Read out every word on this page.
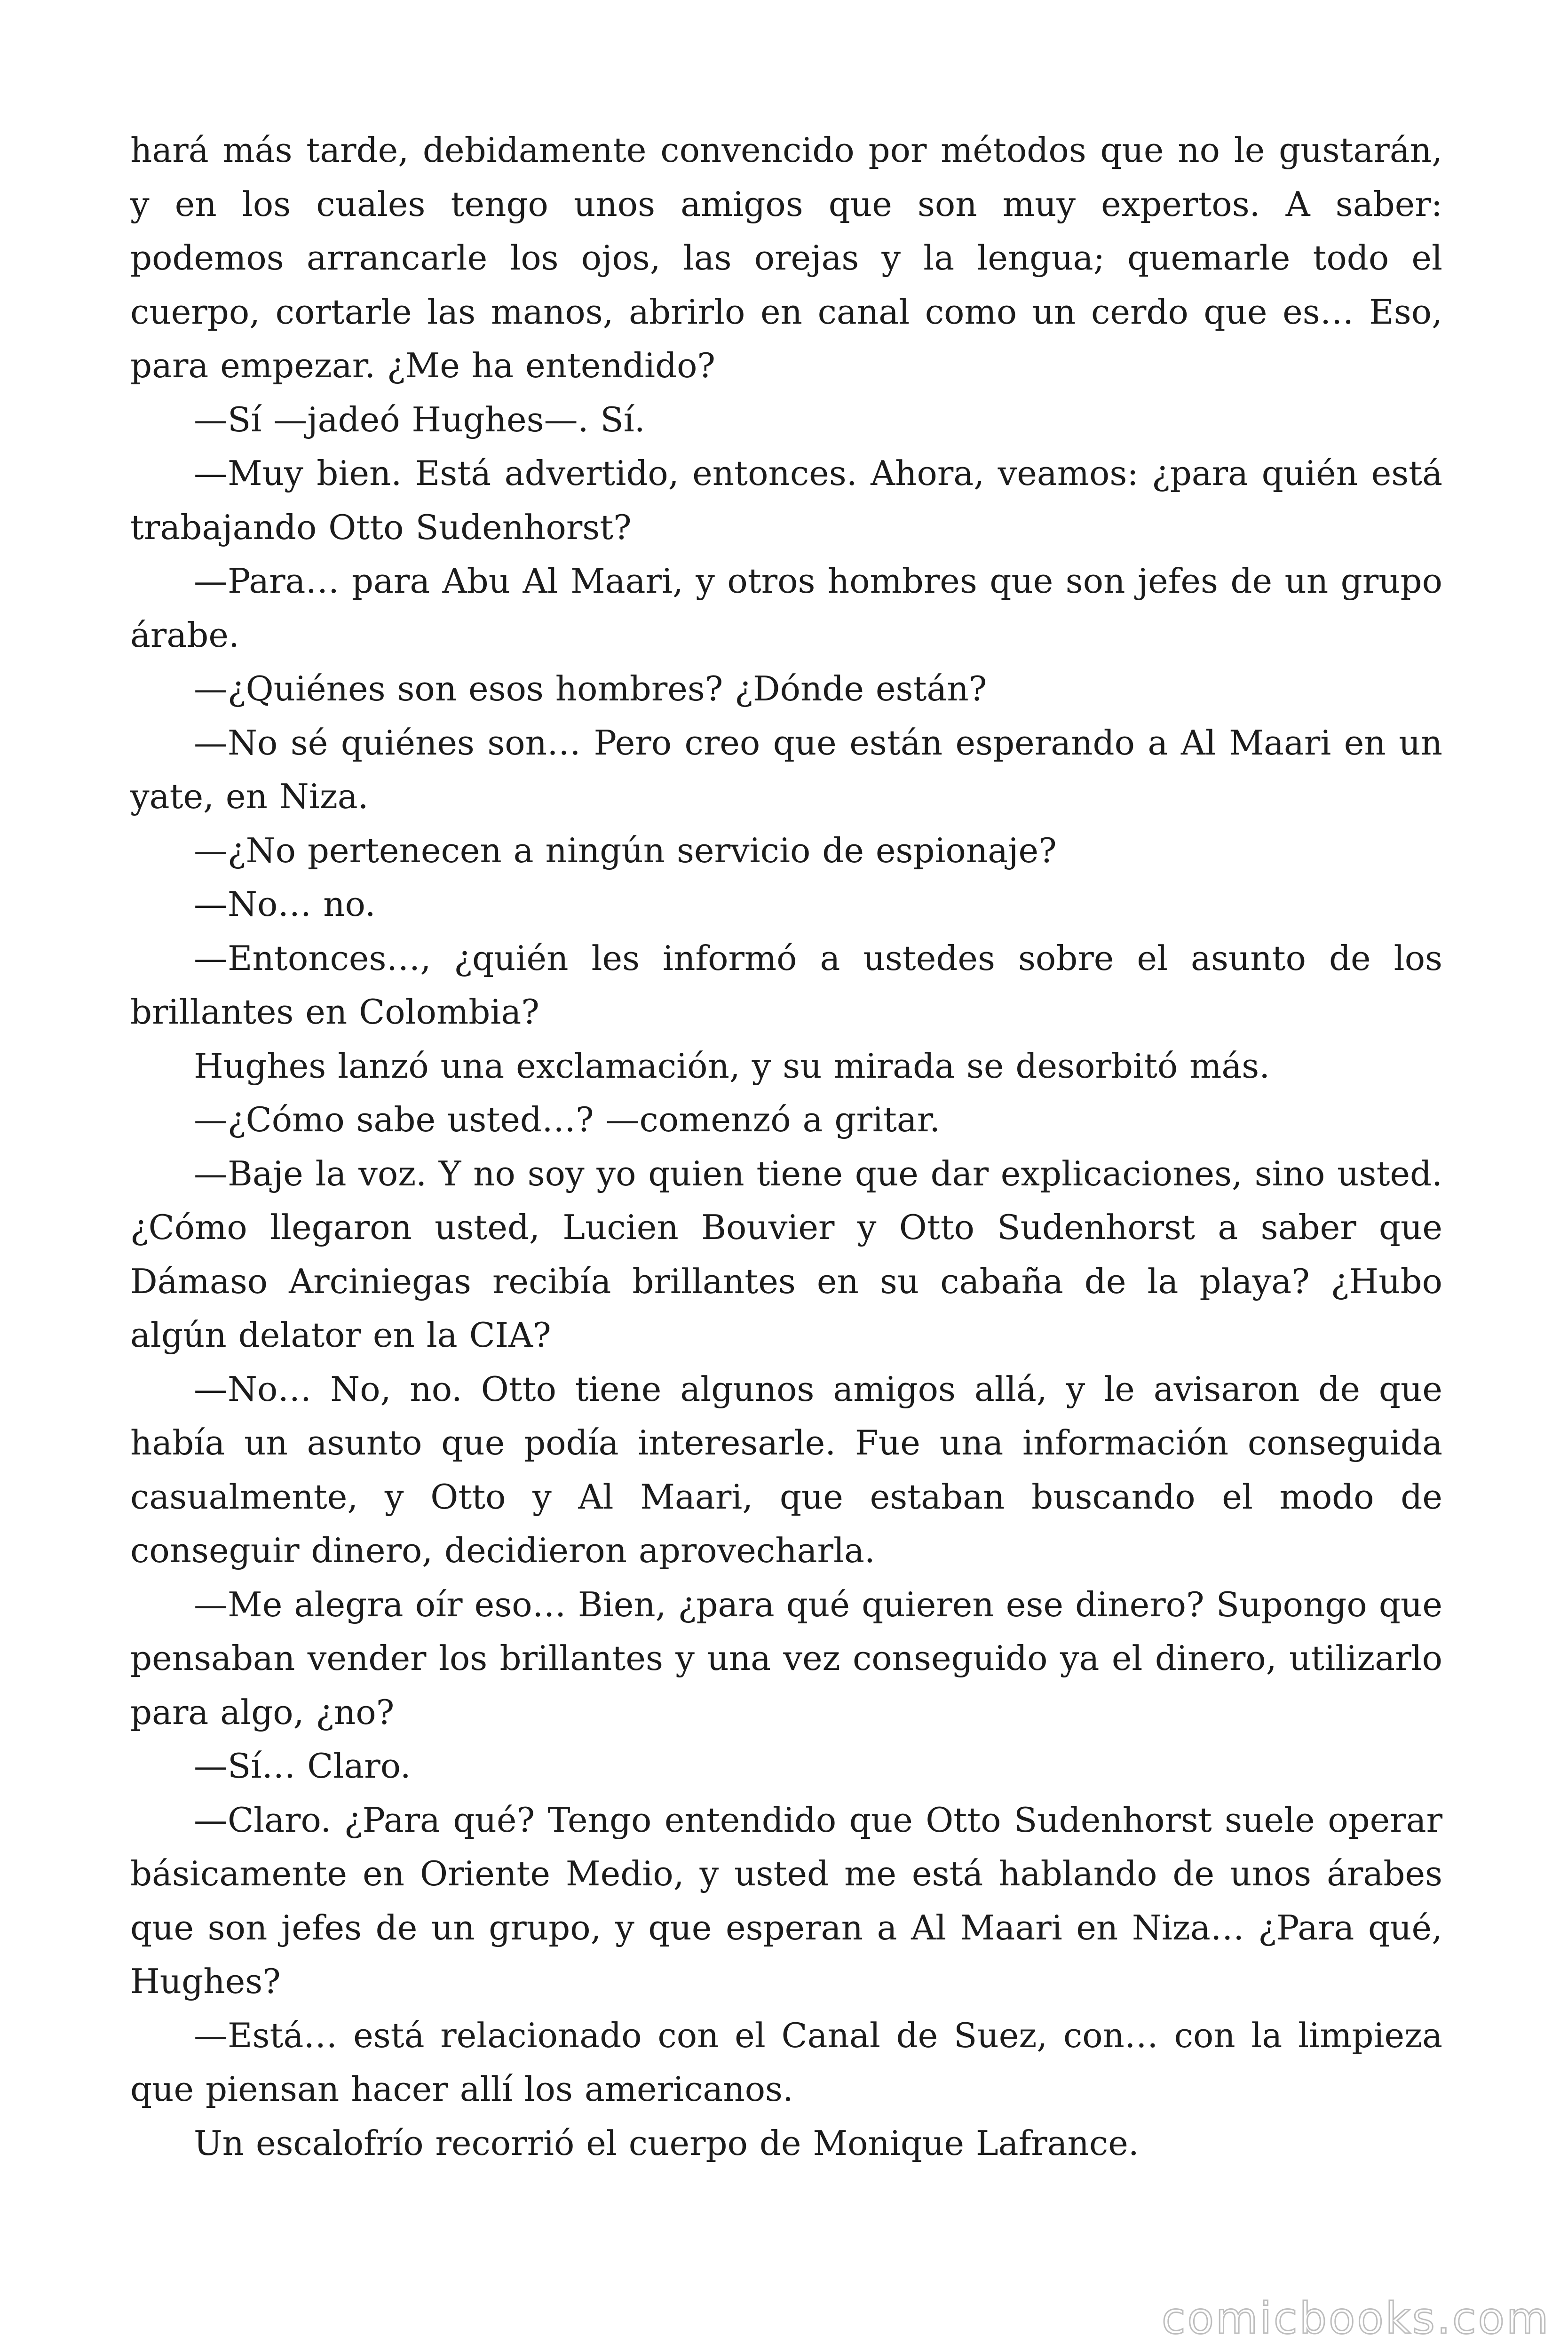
hará más tarde, debidamente convencido por métodos que no le gustarán, y en los cuales tengo unos amigos que son muy expertos. A saber: podemos arrancarle los ojos, las orejas y la lengua; quemarle todo el cuerpo, cortarle las manos, abrirlo en canal como un cerdo que es… Eso, para empezar. ¿Me ha entendido?

—Sí —jadeó Hughes—. Sí.

—Muy bien. Está advertido, entonces. Ahora, veamos: ¿para quién está trabajando Otto Sudenhorst?

—Para… para Abu Al Maari, y otros hombres que son jefes de un grupo árabe.

—¿Quiénes son esos hombres? ¿Dónde están?

—No sé quiénes son… Pero creo que están esperando a Al Maari en un yate, en Niza.

—¿No pertenecen a ningún servicio de espionaje?

—No… no.

—Entonces…, ¿quién les informó a ustedes sobre el asunto de los brillantes en Colombia?

Hughes lanzó una exclamación, y su mirada se desorbitó más.

—¿Cómo sabe usted…? —comenzó a gritar.

—Baje la voz. Y no soy yo quien tiene que dar explicaciones, sino usted. ¿Cómo llegaron usted, Lucien Bouvier y Otto Sudenhorst a saber que Dámaso Arciniegas recibía brillantes en su cabaña de la playa? ¿Hubo algún delator en la CIA?

—No… No, no. Otto tiene algunos amigos allá, y le avisaron de que había un asunto que podía interesarle. Fue una información conseguida casualmente, y Otto y Al Maari, que estaban buscando el modo de conseguir dinero, decidieron aprovecharla.

—Me alegra oír eso… Bien, ¿para qué quieren ese dinero? Supongo que pensaban vender los brillantes y una vez conseguido ya el dinero, utilizarlo para algo, ¿no?

—Sí… Claro.

—Claro. ¿Para qué? Tengo entendido que Otto Sudenhorst suele operar básicamente en Oriente Medio, y usted me está hablando de unos árabes que son jefes de un grupo, y que esperan a Al Maari en Niza… ¿Para qué, Hughes?

—Está… está relacionado con el Canal de Suez, con… con la limpieza que piensan hacer allí los americanos.

Un escalofrío recorrió el cuerpo de Monique Lafrance.

comicbooks.com
